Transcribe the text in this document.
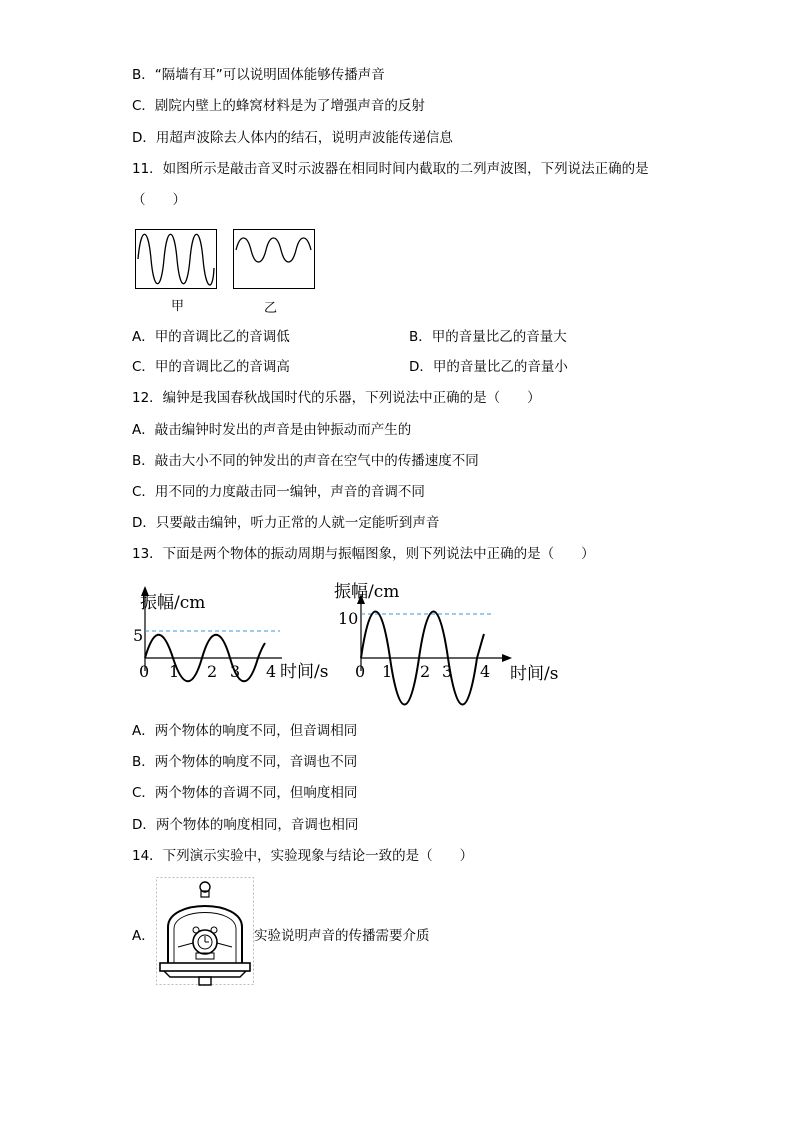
B．“隔墙有耳”可以说明固体能够传播声音
C．剧院内壁上的蜂窝材料是为了增强声音的反射
D．用超声波除去人体内的结石，说明声波能传递信息
11．如图所示是敲击音叉时示波器在相同时间内截取的二列声波图，下列说法正确的是
（　　）
甲	乙
A．甲的音调比乙的音调低	B．甲的音量比乙的音量大
C．甲的音调比乙的音调高	D．甲的音量比乙的音量小
12．编钟是我国春秋战国时代的乐器，下列说法中正确的是（　　）
A．敲击编钟时发出的声音是由钟振动而产生的
B．敲击大小不同的钟发出的声音在空气中的传播速度不同
C．用不同的力度敲击同一编钟，声音的音调不同
D．只要敲击编钟，听力正常的人就一定能听到声音
13．下面是两个物体的振动周期与振幅图象，则下列说法中正确的是（　　）
振幅/cm
5
0 1 2 3 4 时间/s
振幅/cm
10
0 1 2 3 4 时间/s
A．两个物体的响度不同，但音调相同
B．两个物体的响度不同，音调也不同
C．两个物体的音调不同，但响度相同
D．两个物体的响度相同，音调也相同
14．下列演示实验中，实验现象与结论一致的是（　　）
A．	实验说明声音的传播需要介质
